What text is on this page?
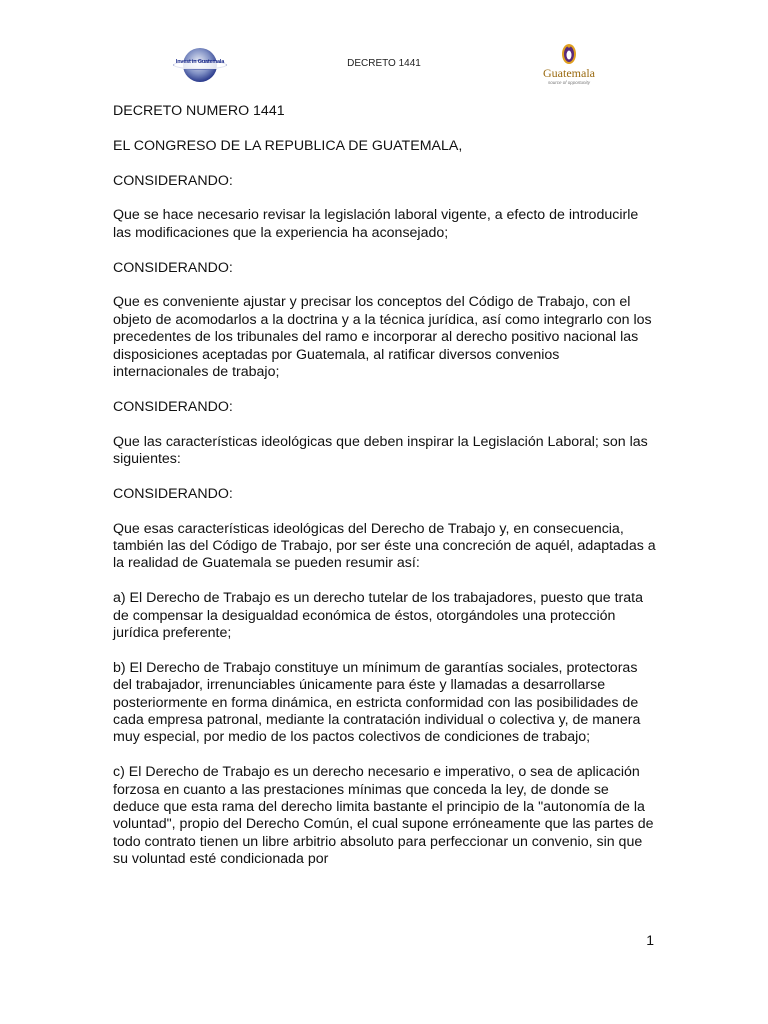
Invest in Guatemala	DECRETO 1441
Guatemala
source of opportunity

DECRETO NUMERO 1441

EL CONGRESO DE LA REPUBLICA DE GUATEMALA,

CONSIDERANDO:

Que se hace necesario revisar la legislación laboral vigente, a efecto de introducirle las modificaciones que la experiencia ha aconsejado;

CONSIDERANDO:

Que es conveniente ajustar y precisar los conceptos del Código de Trabajo, con el objeto de acomodarlos a la doctrina y a la técnica jurídica, así como integrarlo con los precedentes de los tribunales del ramo e incorporar al derecho positivo nacional las disposiciones aceptadas por Guatemala, al ratificar diversos convenios internacionales de trabajo;

CONSIDERANDO:

Que las características ideológicas que deben inspirar la Legislación Laboral; son las siguientes:

CONSIDERANDO:

Que esas características ideológicas del Derecho de Trabajo y, en consecuencia, también las del Código de Trabajo, por ser éste una concreción de aquél, adaptadas a la realidad de Guatemala se pueden resumir así:

a) El Derecho de Trabajo es un derecho tutelar de los trabajadores, puesto que trata de compensar la desigualdad económica de éstos, otorgándoles una protección jurídica preferente;

b) El Derecho de Trabajo constituye un mínimum de garantías sociales, protectoras del trabajador, irrenunciables únicamente para éste y llamadas a desarrollarse posteriormente en forma dinámica, en estricta conformidad con las posibilidades de cada empresa patronal, mediante la contratación individual o colectiva y, de manera muy especial, por medio de los pactos colectivos de condiciones de trabajo;

c) El Derecho de Trabajo es un derecho necesario e imperativo, o sea de aplicación forzosa en cuanto a las prestaciones mínimas que conceda la ley, de donde se deduce que esta rama del derecho limita bastante el principio de la "autonomía de la voluntad", propio del Derecho Común, el cual supone erróneamente que las partes de todo contrato tienen un libre arbitrio absoluto para perfeccionar un convenio, sin que su voluntad esté condicionada por

1
